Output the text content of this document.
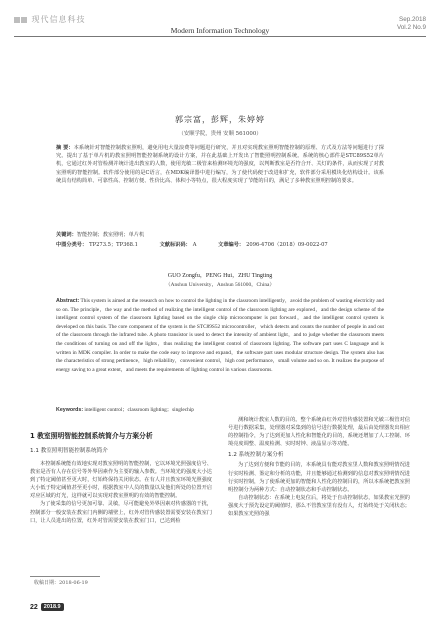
现代信息科技
Modern Information Technology
Sep.2018
Vol.2 No.9
郭宗富，彭辉，朱婷婷
（安顺学院，贵州 安顺 561000）
摘 要：本系统针对智能控制教室照明，避免用电大量浪费等问题进行研究，并且对实现教室照明智能控制的原理、方式及方法等问题进行了探究。提出了基于单片机的教室照明智能控制系统的设计方案，并在此基础上开发出了智能照明控制系统。系统的核心部件是STC89S52单片机，它通过红外对管检测并统计进出教室的人数，使用光敏二极管来检测环境光的强度，以判断教室是否符合开、关灯的条件，从而实现了对教室照明的智能控制。软件部分使用的是C语言，在MDK编译器中进行编写，为了使代码便于改进和扩充，软件部分采用模块化结构设计。该系统具有结构简单、可靠性高、控制方便、性价比高、体积小等特点，很大程度实现了节能的目的，满足了多种教室照明控制的要求。
关键词：智能控制；教室照明；单片机
中图分类号： TP273.5；TP368.1	文献标识码： A	文章编号： 2096-4706（2018）09-0022-07
GUO Zongfu，PENG Hui，ZHU Tingting
（Anshun University，Anshun 561000，China）
Abstract: This system is aimed at the research on how to control the lighting in the classroom intelligently，avoid the problem of wasting electricity and so on. The principle，the way and the method of realizing the intelligent control of the classroom lighting are explored，and the design scheme of the intelligent control system of the classroom lighting based on the single chip microcomputer is put forward，and the intelligent control system is developed on this basis. The core component of the system is the STC89S52 microcontroller，which detects and counts the number of people in and out of the classroom through the infrared tube. A photo transistor is used to detect the intensity of ambient light，and to judge whether the classroom meets the conditions of turning on and off the lights，thus realizing the intelligent control of classroom lighting. The software part uses C language and is written in MDK compiler. In order to make the code easy to improve and expand，the software part uses modular structure design. The system also has the characteristics of strong pertinence，high reliability，convenient control，high cost performance，small volume and so on. It realizes the purpose of energy saving to a great extent，and meets the requirements of lighting control in various classrooms.
Keywords: intelligent control；classroom lighting；singlechip
1 教室照明智能控制系统简介与方案分析
1.1 教室照明智能控制系统简介

本控制系统能有效地实现对教室照明的智能控制，它以环境光照强度信号、教室是否有人存在信号等外界因素作为主要的输入参数。当环境光的强度大小达到了特定阈值甚至更大时，灯始终保持关闭状态。在有人并且教室环境光照强度大小低于特定阈值甚至更小时，根据教室中人员的数量以及他们所处的位置开启对应区域的灯光，这样就可以实现对教室照明的有效的智能控制。

为了使采集的信号更加可靠、灵敏，尽可能避免外界因素对传感器的干扰，控制部分一般安装在教室门内侧的墙壁上，红外对管传感装置需要安装在教室门口，让人员进出的位置，红外对管需要安装在教室门口，已达到检

收稿日期：2018-06-19

测和统计教室人数的目的。整个系统由红外对管传感装置和光敏三极管对信号进行数据采集，处理器对采集到的信号进行数据处理，最后由处理器发出相应的控制指令，为了达到更加人性化和智能化的目的，系统还增加了人工控制、环境亮度调整、温度检测、实时时钟、液晶显示等功能。

1.2 系统控制方案分析

为了达到方便和节能的目的，本系统具有能对教室里人数和教室照明情况进行实时检测、鉴定和分析的功能，并且能够通过检测到的信息对教室照明情况进行实时控制，为了使系统更加的智能和人性化的控制目的，所以本系统把教室照明控制分为两种方式：自动控制状态和手动控制状态。

自动控制状态：在系统上电复位后，将处于自动控制状态，如果教室光照的强度大于预先设定的阈值时，那么不管教室里有没有人，灯始终处于关闭状态；如果教室光照的强

22 2018.9
